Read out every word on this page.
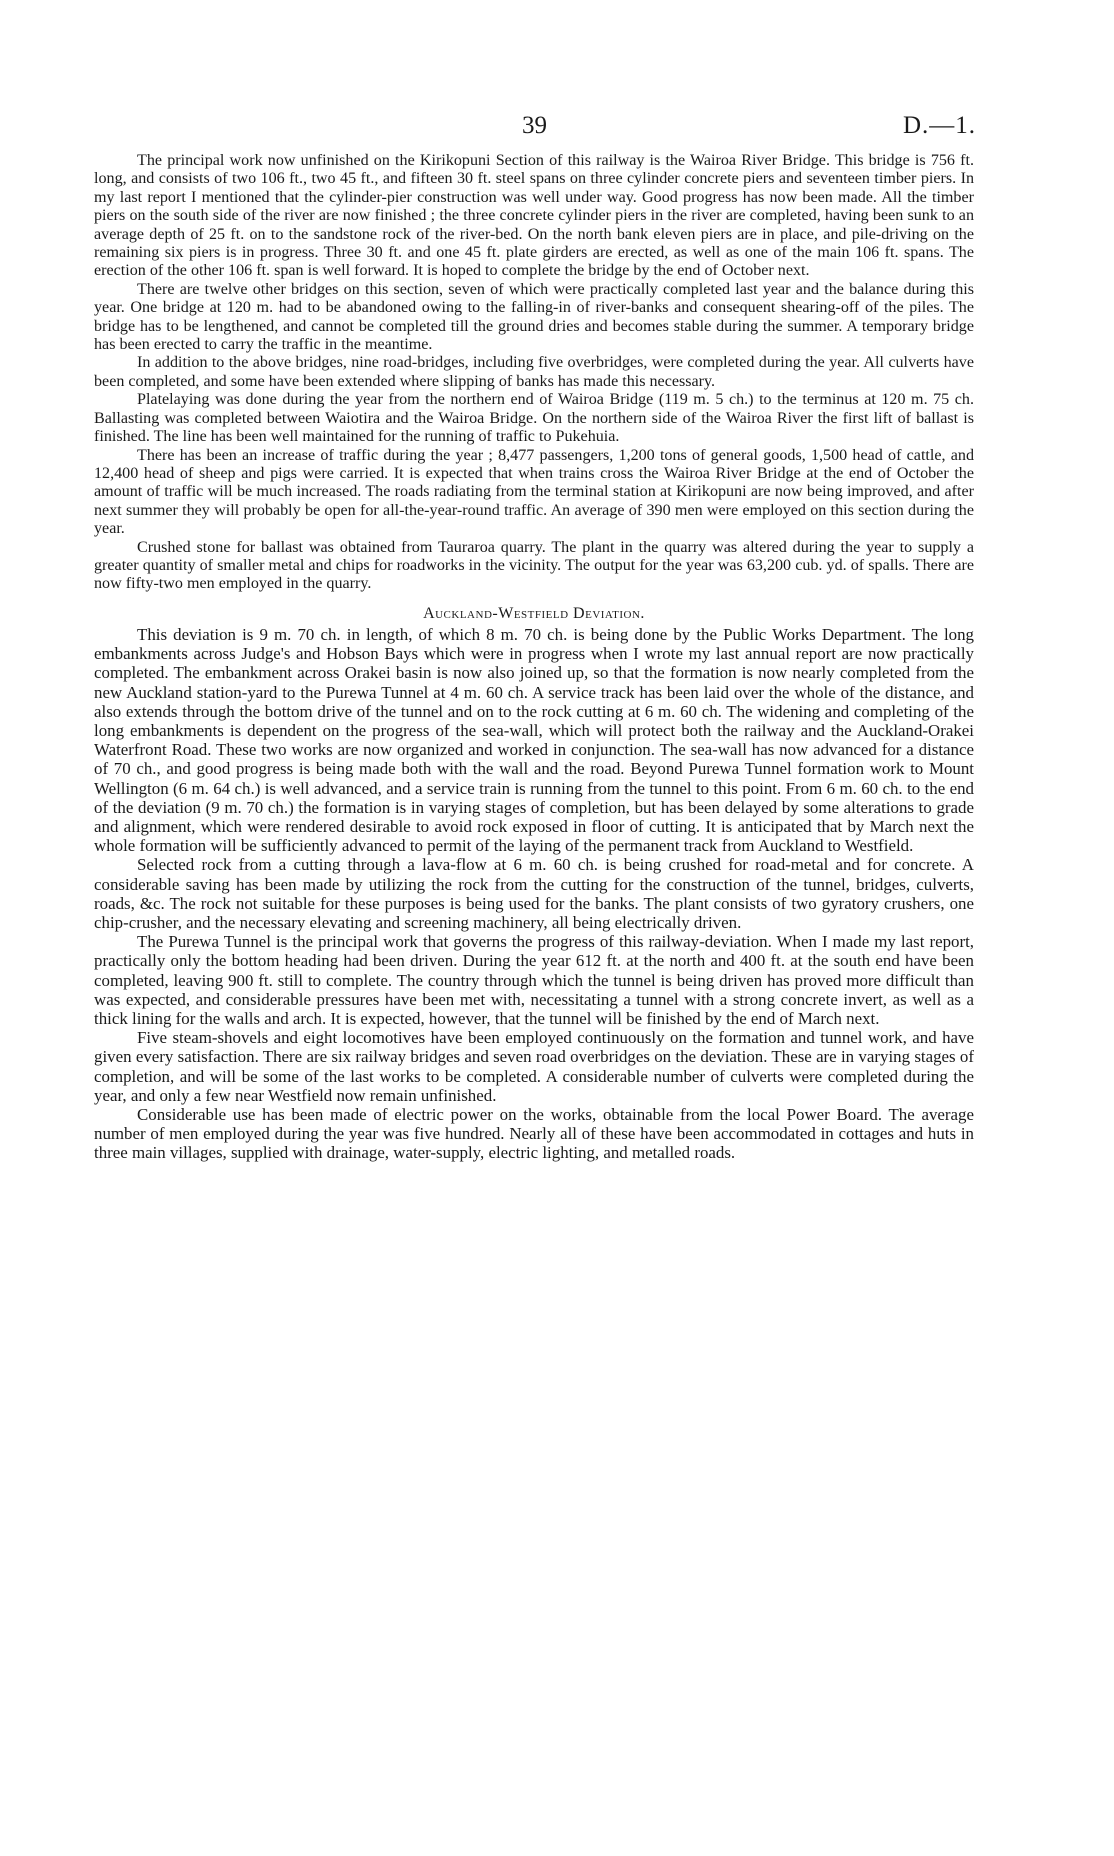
39	D.—1.

The principal work now unfinished on the Kirikopuni Section of this railway is the Wairoa River Bridge. This bridge is 756 ft. long, and consists of two 106 ft., two 45 ft., and fifteen 30 ft. steel spans on three cylinder concrete piers and seventeen timber piers. In my last report I mentioned that the cylinder-pier construction was well under way. Good progress has now been made. All the timber piers on the south side of the river are now finished ; the three concrete cylinder piers in the river are completed, having been sunk to an average depth of 25 ft. on to the sandstone rock of the river-bed. On the north bank eleven piers are in place, and pile-driving on the remaining six piers is in progress. Three 30 ft. and one 45 ft. plate girders are erected, as well as one of the main 106 ft. spans. The erection of the other 106 ft. span is well forward. It is hoped to complete the bridge by the end of October next.

There are twelve other bridges on this section, seven of which were practically completed last year and the balance during this year. One bridge at 120 m. had to be abandoned owing to the falling-in of river-banks and consequent shearing-off of the piles. The bridge has to be lengthened, and cannot be completed till the ground dries and becomes stable during the summer. A temporary bridge has been erected to carry the traffic in the meantime.

In addition to the above bridges, nine road-bridges, including five overbridges, were completed during the year. All culverts have been completed, and some have been extended where slipping of banks has made this necessary.

Platelaying was done during the year from the northern end of Wairoa Bridge (119 m. 5 ch.) to the terminus at 120 m. 75 ch. Ballasting was completed between Waiotira and the Wairoa Bridge. On the northern side of the Wairoa River the first lift of ballast is finished. The line has been well maintained for the running of traffic to Pukehuia.

There has been an increase of traffic during the year ; 8,477 passengers, 1,200 tons of general goods, 1,500 head of cattle, and 12,400 head of sheep and pigs were carried. It is expected that when trains cross the Wairoa River Bridge at the end of October the amount of traffic will be much increased. The roads radiating from the terminal station at Kirikopuni are now being improved, and after next summer they will probably be open for all-the-year-round traffic. An average of 390 men were employed on this section during the year.

Crushed stone for ballast was obtained from Tauraroa quarry. The plant in the quarry was altered during the year to supply a greater quantity of smaller metal and chips for roadworks in the vicinity. The output for the year was 63,200 cub. yd. of spalls. There are now fifty-two men employed in the quarry.

Auckland-Westfield Deviation.

This deviation is 9 m. 70 ch. in length, of which 8 m. 70 ch. is being done by the Public Works Department. The long embankments across Judge's and Hobson Bays which were in progress when I wrote my last annual report are now practically completed. The embankment across Orakei basin is now also joined up, so that the formation is now nearly completed from the new Auckland station-yard to the Purewa Tunnel at 4 m. 60 ch. A service track has been laid over the whole of the distance, and also extends through the bottom drive of the tunnel and on to the rock cutting at 6 m. 60 ch. The widening and completing of the long embankments is dependent on the progress of the sea-wall, which will protect both the railway and the Auckland-Orakei Waterfront Road. These two works are now organized and worked in conjunction. The sea-wall has now advanced for a distance of 70 ch., and good progress is being made both with the wall and the road. Beyond Purewa Tunnel formation work to Mount Wellington (6 m. 64 ch.) is well advanced, and a service train is running from the tunnel to this point. From 6 m. 60 ch. to the end of the deviation (9 m. 70 ch.) the formation is in varying stages of completion, but has been delayed by some alterations to grade and alignment, which were rendered desirable to avoid rock exposed in floor of cutting. It is anticipated that by March next the whole formation will be sufficiently advanced to permit of the laying of the permanent track from Auckland to Westfield.

Selected rock from a cutting through a lava-flow at 6 m. 60 ch. is being crushed for road-metal and for concrete. A considerable saving has been made by utilizing the rock from the cutting for the construction of the tunnel, bridges, culverts, roads, &c. The rock not suitable for these purposes is being used for the banks. The plant consists of two gyratory crushers, one chip-crusher, and the necessary elevating and screening machinery, all being electrically driven.

The Purewa Tunnel is the principal work that governs the progress of this railway-deviation. When I made my last report, practically only the bottom heading had been driven. During the year 612 ft. at the north and 400 ft. at the south end have been completed, leaving 900 ft. still to complete. The country through which the tunnel is being driven has proved more difficult than was expected, and considerable pressures have been met with, necessitating a tunnel with a strong concrete invert, as well as a thick lining for the walls and arch. It is expected, however, that the tunnel will be finished by the end of March next.

Five steam-shovels and eight locomotives have been employed continuously on the formation and tunnel work, and have given every satisfaction. There are six railway bridges and seven road overbridges on the deviation. These are in varying stages of completion, and will be some of the last works to be completed. A considerable number of culverts were completed during the year, and only a few near Westfield now remain unfinished.

Considerable use has been made of electric power on the works, obtainable from the local Power Board. The average number of men employed during the year was five hundred. Nearly all of these have been accommodated in cottages and huts in three main villages, supplied with drainage, water-supply, electric lighting, and metalled roads.
